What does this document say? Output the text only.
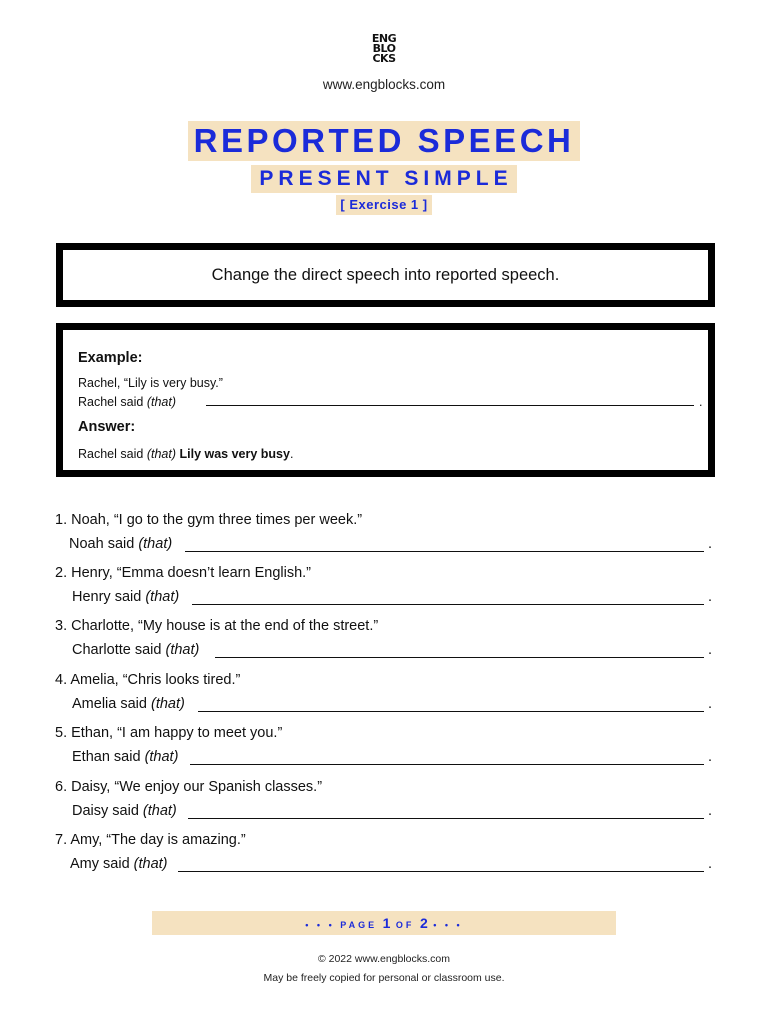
ENG
BLO
CKS
www.engblocks.com
REPORTED SPEECH
PRESENT SIMPLE
[ Exercise 1 ]
Change the direct speech into reported speech.
Example:
Rachel, “Lily is very busy.”
Rachel said (that)	.
Answer:
Rachel said (that) Lily was very busy.
1. Noah, “I go to the gym three times per week.”
Noah said (that)	.
2. Henry, “Emma doesn’t learn English.”
Henry said (that)	.
3. Charlotte, “My house is at the end of the street.”
Charlotte said (that)	.
4. Amelia, “Chris looks tired.”
Amelia said (that)	.
5. Ethan, “I am happy to meet you.”
Ethan said (that)	.
6. Daisy, “We enjoy our Spanish classes.”
Daisy said (that)	.
7. Amy, “The day is amazing.”
Amy said (that)	.
• • • PAGE 1 OF 2 • • •
© 2022 www.engblocks.com
May be freely copied for personal or classroom use.
